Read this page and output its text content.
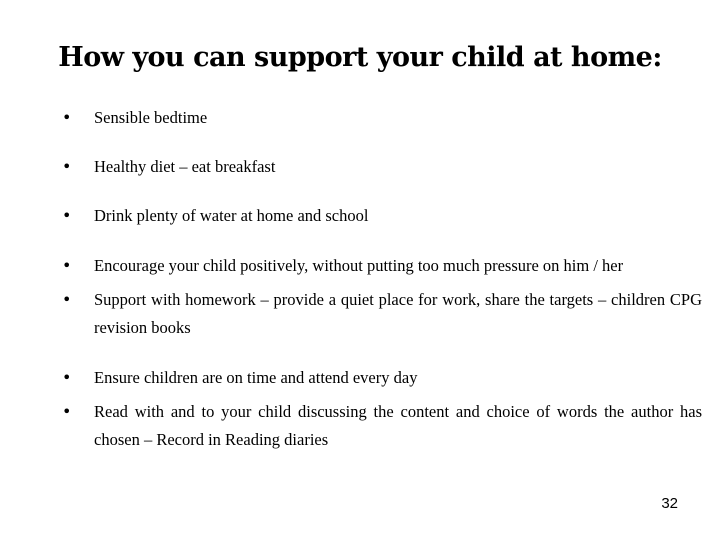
How you can support your child at home:
•	Sensible bedtime
•	Healthy diet – eat breakfast
•	Drink plenty of water at home and school
•	Encourage your child positively, without putting too much pressure on him / her
•	Support with homework – provide a quiet place for work, share the targets – children CPG revision books
•	Ensure children are on time and attend every day
•	Read with and to your child discussing the content and choice of words the author has chosen – Record in Reading diaries
32
